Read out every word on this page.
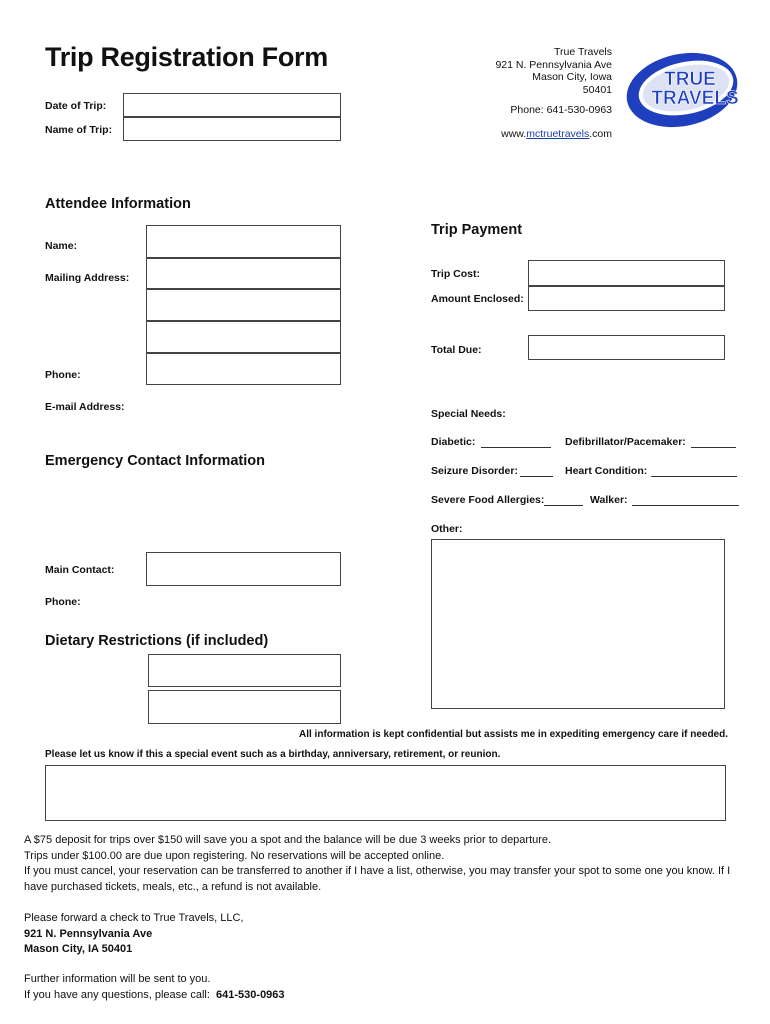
Trip Registration Form
Date of Trip:
Name of Trip:
True Travels
921 N. Pennsylvania Ave
Mason City, Iowa
50401
Phone: 641-530-0963
www.mctruetravels.com
TRUE
TRAVELS
Attendee Information
Name:
Mailing Address:
Phone:
E-mail Address:
Trip Payment
Trip Cost:
Amount Enclosed:
Total Due:
Special Needs:
Diabetic:	Defibrillator/Pacemaker:
Seizure Disorder:	Heart Condition:
Severe Food Allergies:	Walker:
Other:
Emergency Contact Information
Main Contact:
Phone:
Dietary Restrictions (if included)
All information is kept confidential but assists me in expediting emergency care if needed.
Please let us know if this a special event such as a birthday, anniversary, retirement, or reunion.
A $75 deposit for trips over $150 will save you a spot and the balance will be due 3 weeks prior to departure.
Trips under $100.00 are due upon registering. No reservations will be accepted online.
If you must cancel, your reservation can be transferred to another if I have a list, otherwise, you may transfer your spot to some one you know. If I have purchased tickets, meals, etc., a refund is not available.
Please forward a check to True Travels, LLC,
921 N. Pennsylvania Ave
Mason City, IA 50401
Further information will be sent to you.
If you have any questions, please call: 641-530-0963
